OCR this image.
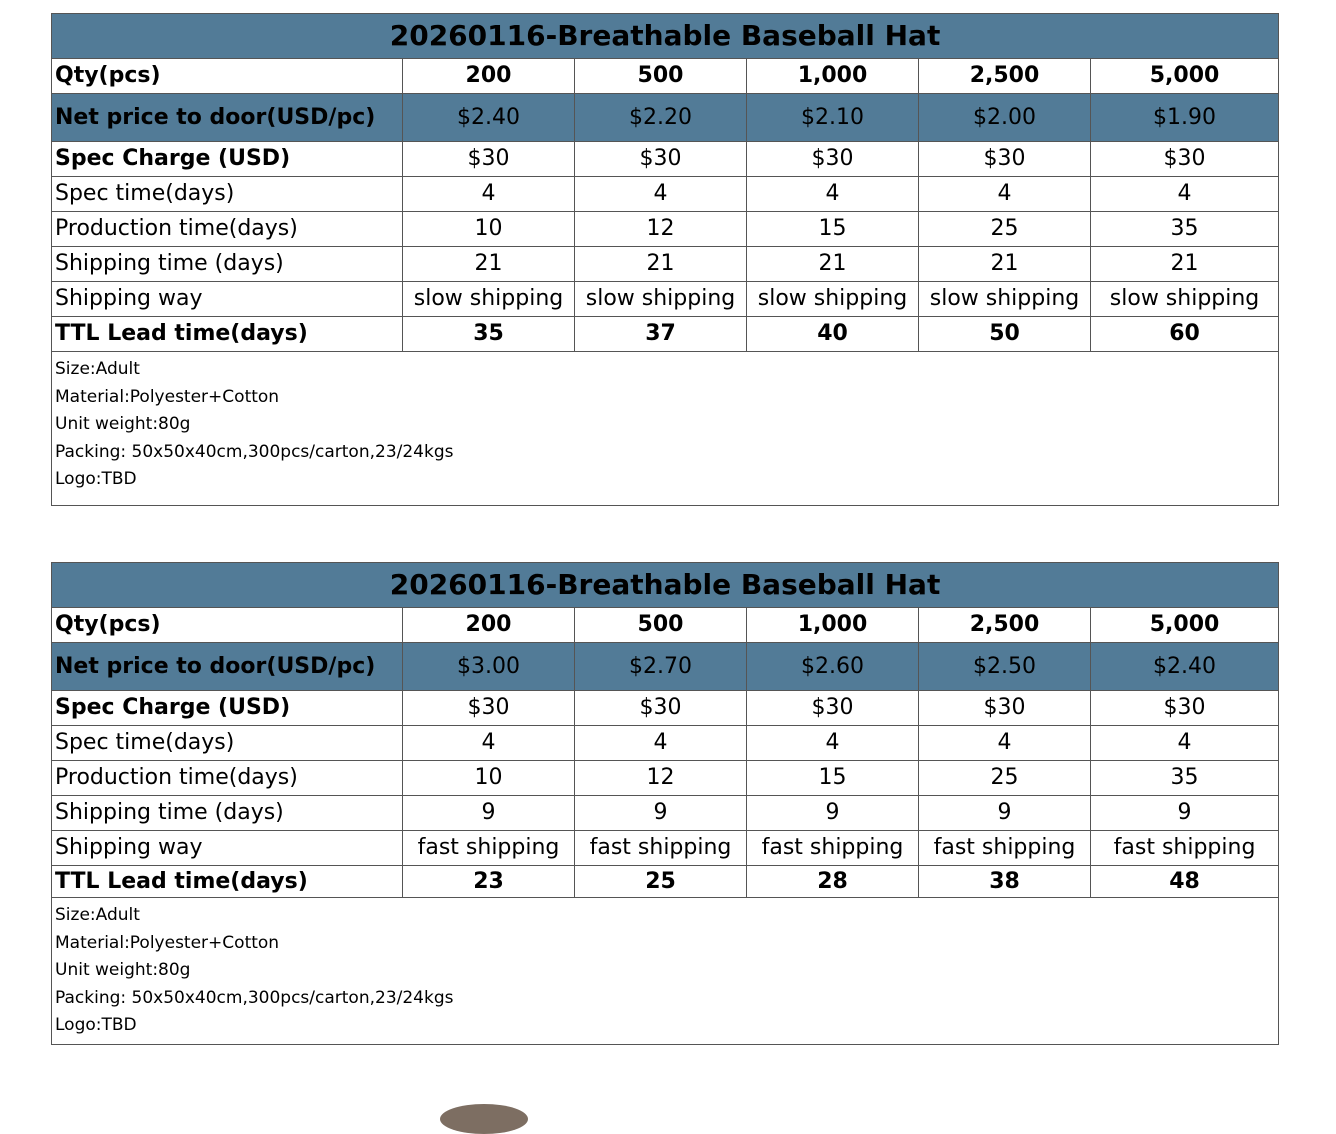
20260116-Breathable Baseball Hat					
Qty(pcs)	200	500	1,000	2,500	5,000
Net price to door(USD/pc)	$2.40	$2.20	$2.10	$2.00	$1.90
Spec Charge (USD)	$30	$30	$30	$30	$30
Spec time(days)	4	4	4	4	4
Production time(days)	10	12	15	25	35
Shipping time (days)	21	21	21	21	21
Shipping way	slow shipping	slow shipping	slow shipping	slow shipping	slow shipping
TTL Lead time(days)	35	37	40	50	60

Size:Adult
Material:Polyester+Cotton
Unit weight:80g
Packing: 50x50x40cm,300pcs/carton,23/24kgs
Logo:TBD					
20260116-Breathable Baseball Hat					
Qty(pcs)	200	500	1,000	2,500	5,000
Net price to door(USD/pc)	$3.00	$2.70	$2.60	$2.50	$2.40
Spec Charge (USD)	$30	$30	$30	$30	$30
Spec time(days)	4	4	4	4	4
Production time(days)	10	12	15	25	35
Shipping time (days)	9	9	9	9	9
Shipping way	fast shipping	fast shipping	fast shipping	fast shipping	fast shipping
TTL Lead time(days)	23	25	28	38	48

Size:Adult
Material:Polyester+Cotton
Unit weight:80g
Packing: 50x50x40cm,300pcs/carton,23/24kgs
Logo:TBD					
